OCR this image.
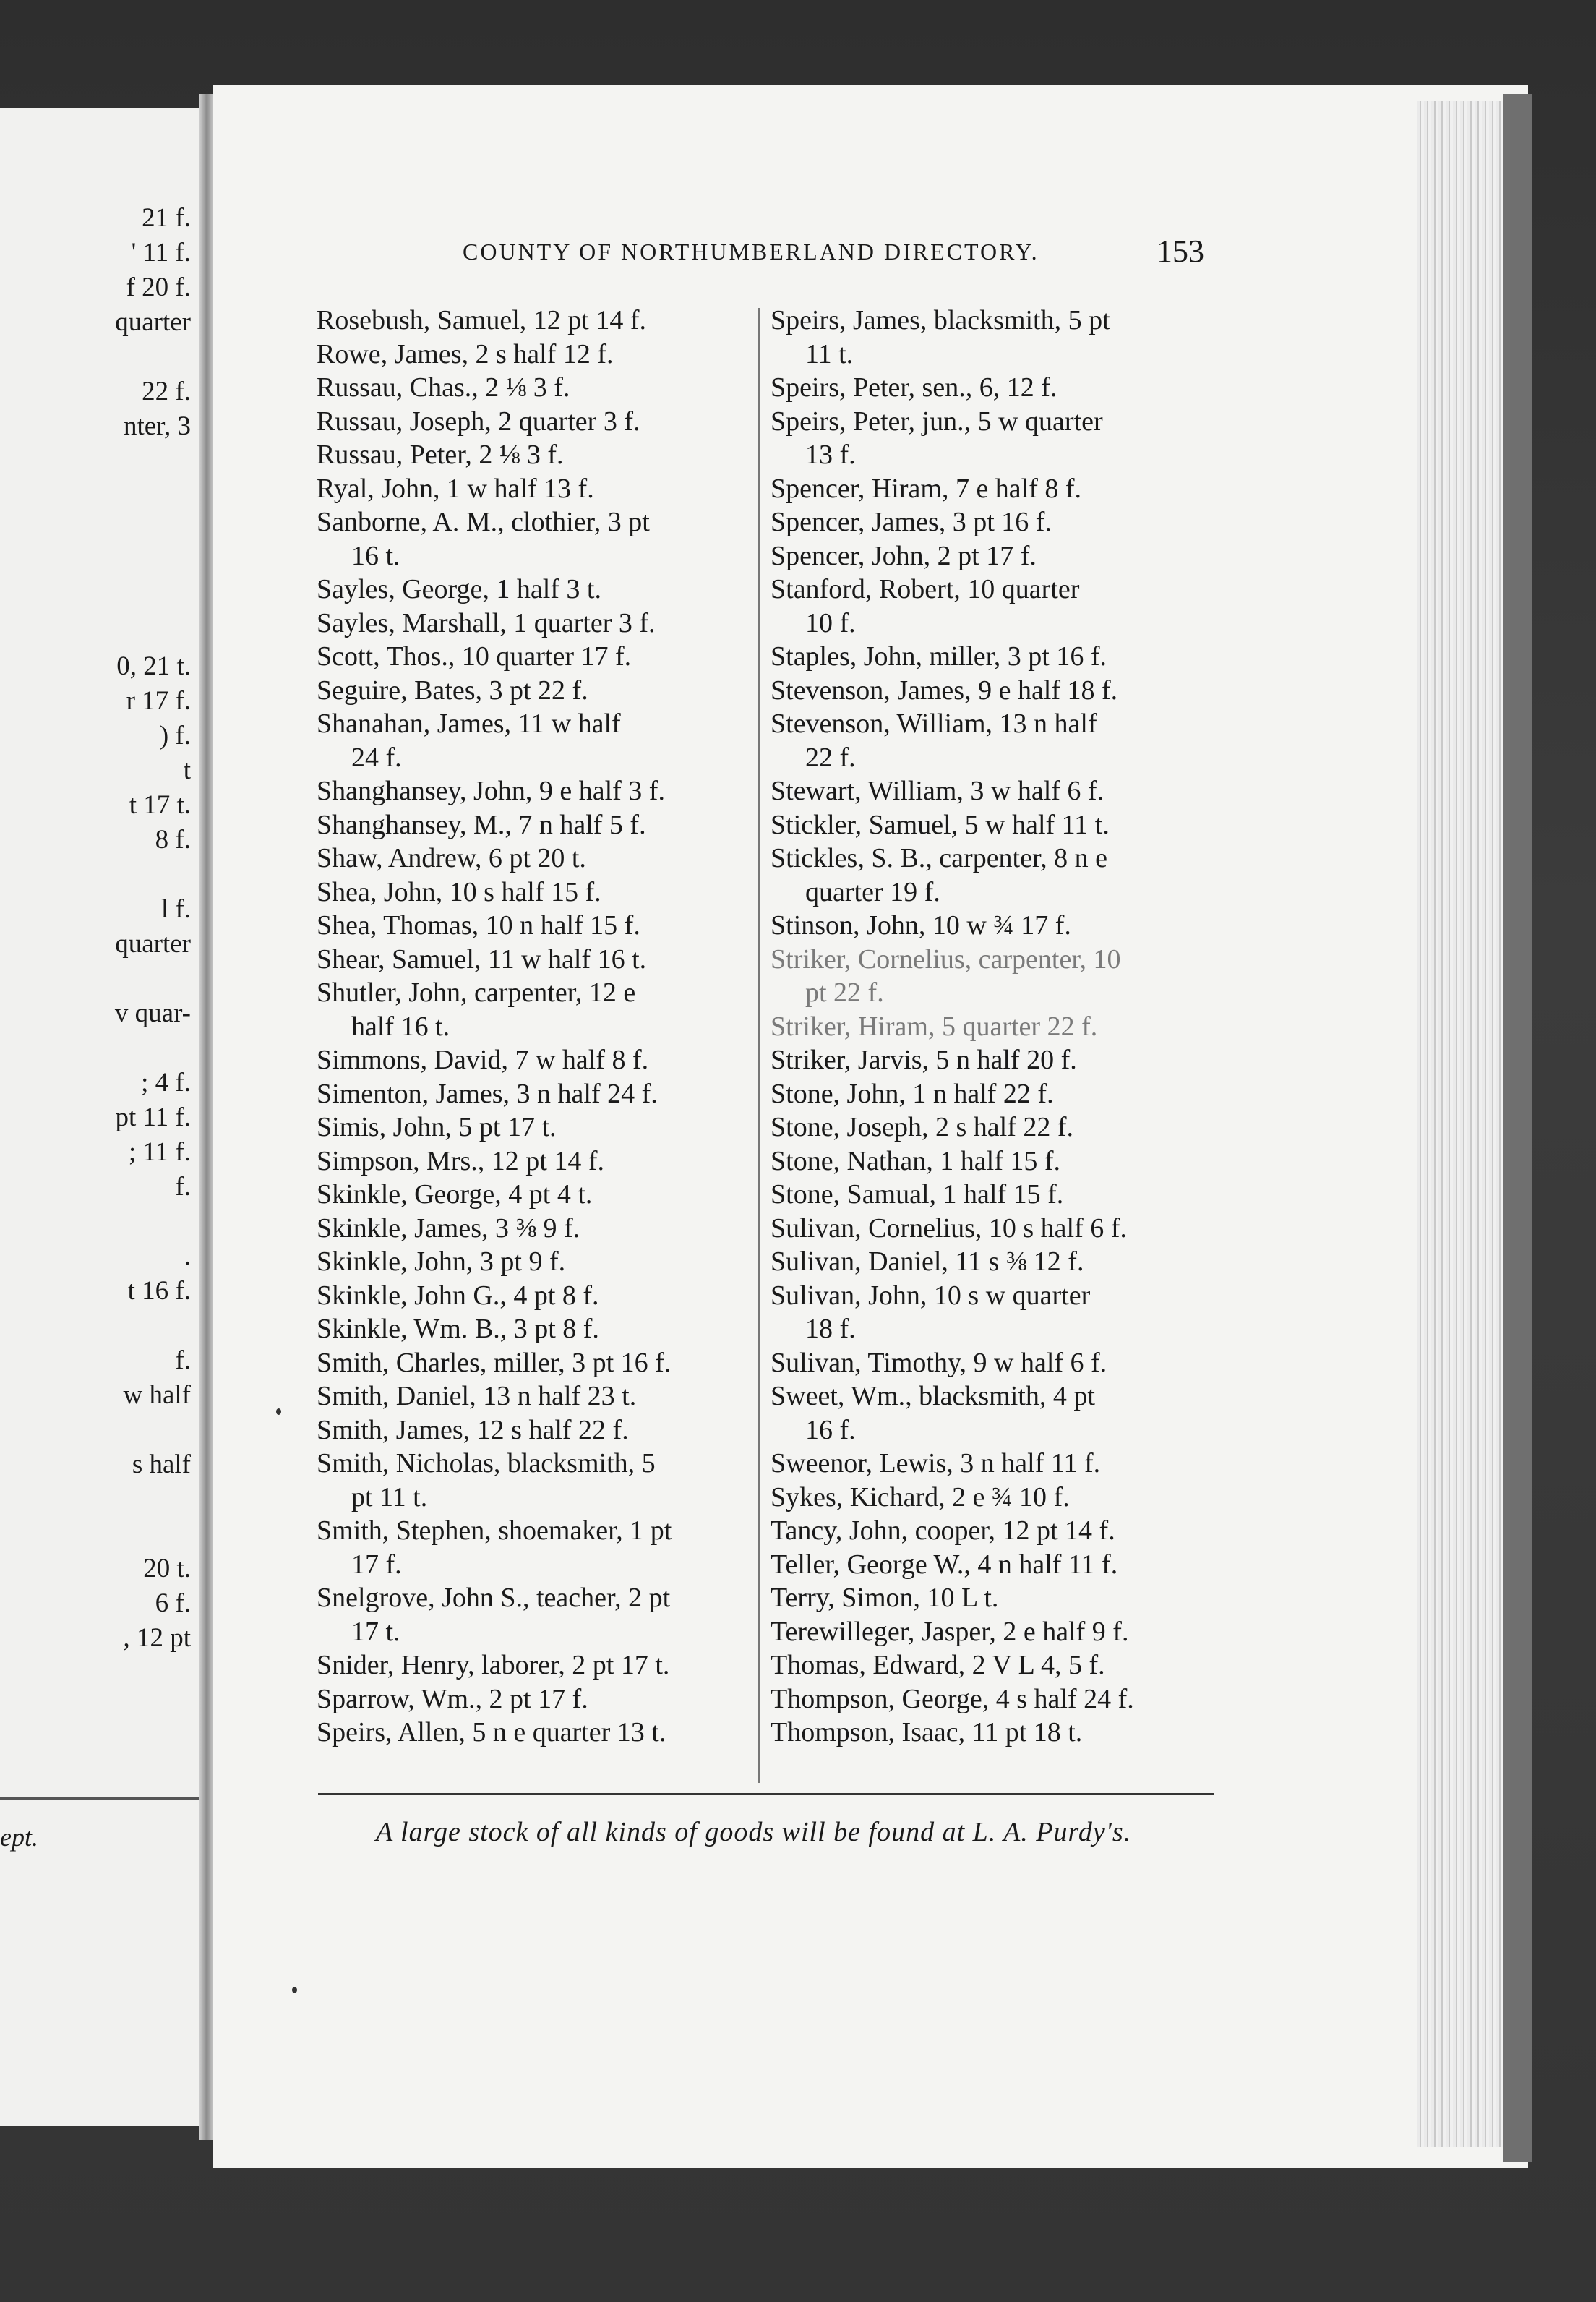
21 f.
' 11 f.
f 20 f.
quarter
22 f.
nter, 3
0, 21 t.
r 17 f.
) f.
t
t 17 t.
8 f.
l f.
quarter
v quar-
; 4 f.
pt 11 f.
; 11 f.
f.
.
t 16 f.
f.
w half
s half
20 t.
6 f.
, 12 pt
ept.
COUNTY OF NORTHUMBERLAND DIRECTORY.	153
Rosebush, Samuel, 12 pt 14 f.
Rowe, James, 2 s half 12 f.
Russau, Chas., 2 ⅛ 3 f.
Russau, Joseph, 2 quarter 3 f.
Russau, Peter, 2 ⅛ 3 f.
Ryal, John, 1 w half 13 f.
Sanborne, A. M., clothier, 3 pt
16 t.
Sayles, George, 1 half 3 t.
Sayles, Marshall, 1 quarter 3 f.
Scott, Thos., 10 quarter 17 f.
Seguire, Bates, 3 pt 22 f.
Shanahan, James, 11 w half
24 f.
Shanghansey, John, 9 e half 3 f.
Shanghansey, M., 7 n half 5 f.
Shaw, Andrew, 6 pt 20 t.
Shea, John, 10 s half 15 f.
Shea, Thomas, 10 n half 15 f.
Shear, Samuel, 11 w half 16 t.
Shutler, John, carpenter, 12 e
half 16 t.
Simmons, David, 7 w half 8 f.
Simenton, James, 3 n half 24 f.
Simis, John, 5 pt 17 t.
Simpson, Mrs., 12 pt 14 f.
Skinkle, George, 4 pt 4 t.
Skinkle, James, 3 ⅜ 9 f.
Skinkle, John, 3 pt 9 f.
Skinkle, John G., 4 pt 8 f.
Skinkle, Wm. B., 3 pt 8 f.
Smith, Charles, miller, 3 pt 16 f.
Smith, Daniel, 13 n half 23 t.
Smith, James, 12 s half 22 f.
Smith, Nicholas, blacksmith, 5
pt 11 t.
Smith, Stephen, shoemaker, 1 pt
17 f.
Snelgrove, John S., teacher, 2 pt
17 t.
Snider, Henry, laborer, 2 pt 17 t.
Sparrow, Wm., 2 pt 17 f.
Speirs, Allen, 5 n e quarter 13 t.
Speirs, James, blacksmith, 5 pt
11 t.
Speirs, Peter, sen., 6, 12 f.
Speirs, Peter, jun., 5 w quarter
13 f.
Spencer, Hiram, 7 e half 8 f.
Spencer, James, 3 pt 16 f.
Spencer, John, 2 pt 17 f.
Stanford, Robert, 10 quarter
10 f.
Staples, John, miller, 3 pt 16 f.
Stevenson, James, 9 e half 18 f.
Stevenson, William, 13 n half
22 f.
Stewart, William, 3 w half 6 f.
Stickler, Samuel, 5 w half 11 t.
Stickles, S. B., carpenter, 8 n e
quarter 19 f.
Stinson, John, 10 w ¾ 17 f.
Striker, Cornelius, carpenter, 10
pt 22 f.
Striker, Hiram, 5 quarter 22 f.
Striker, Jarvis, 5 n half 20 f.
Stone, John, 1 n half 22 f.
Stone, Joseph, 2 s half 22 f.
Stone, Nathan, 1 half 15 f.
Stone, Samual, 1 half 15 f.
Sulivan, Cornelius, 10 s half 6 f.
Sulivan, Daniel, 11 s ⅜ 12 f.
Sulivan, John, 10 s w quarter
18 f.
Sulivan, Timothy, 9 w half 6 f.
Sweet, Wm., blacksmith, 4 pt
16 f.
Sweenor, Lewis, 3 n half 11 f.
Sykes, Kichard, 2 e ¾ 10 f.
Tancy, John, cooper, 12 pt 14 f.
Teller, George W., 4 n half 11 f.
Terry, Simon, 10 L t.
Terewilleger, Jasper, 2 e half 9 f.
Thomas, Edward, 2 V L 4, 5 f.
Thompson, George, 4 s half 24 f.
Thompson, Isaac, 11 pt 18 t.
A large stock of all kinds of goods will be found at L. A. Purdy's.
